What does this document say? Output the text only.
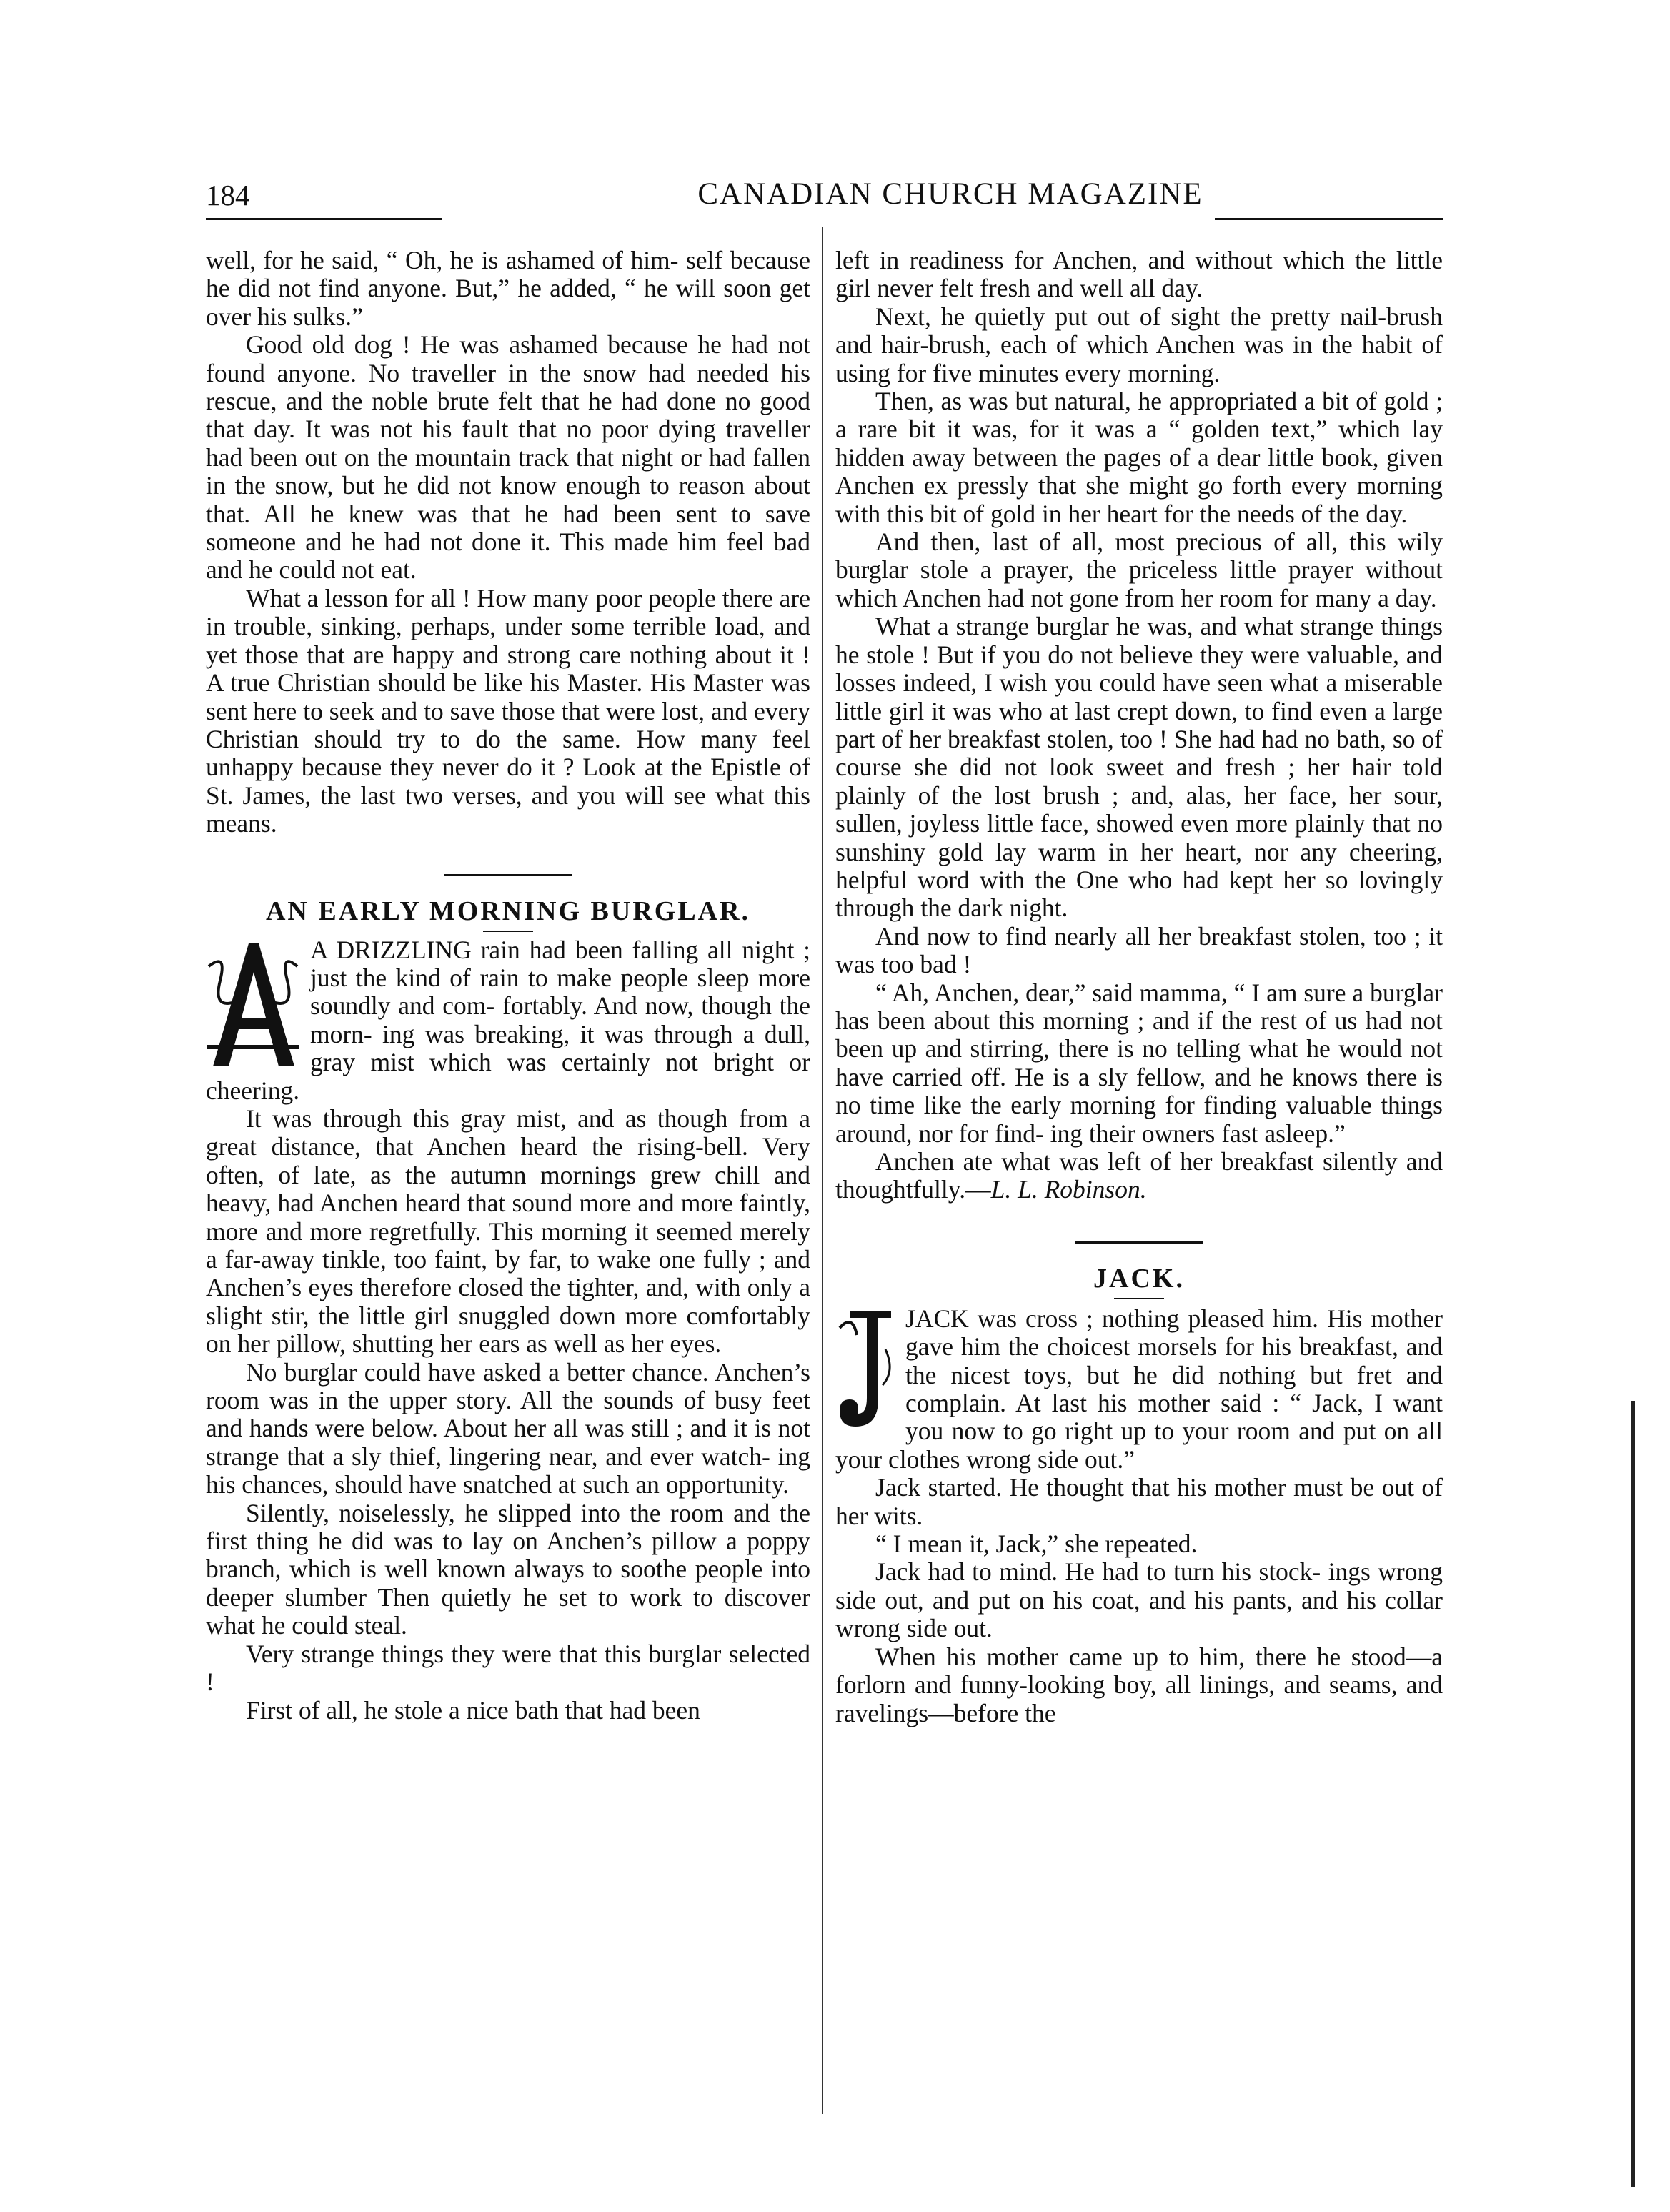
184	CANADIAN CHURCH MAGAZINE

well, for he said, “ Oh, he is ashamed of him- self because he did not find anyone. But,” he added, “ he will soon get over his sulks.”

Good old dog ! He was ashamed because he had not found anyone. No traveller in the snow had needed his rescue, and the noble brute felt that he had done no good that day. It was not his fault that no poor dying traveller had been out on the mountain track that night or had fallen in the snow, but he did not know enough to reason about that. All he knew was that he had been sent to save someone and he had not done it. This made him feel bad and he could not eat.

What a lesson for all ! How many poor people there are in trouble, sinking, perhaps, under some terrible load, and yet those that are happy and strong care nothing about it ! A true Christian should be like his Master. His Master was sent here to seek and to save those that were lost, and every Christian should try to do the same. How many feel unhappy because they never do it ? Look at the Epistle of St. James, the last two verses, and you will see what this means.

AN EARLY MORNING BURGLAR.

A DRIZZLING rain had been falling all night ; just the kind of rain to make people sleep more soundly and com- fortably. And now, though the morn- ing was breaking, it was through a dull, gray mist which was certainly not bright or cheering.

It was through this gray mist, and as though from a great distance, that Anchen heard the rising-bell. Very often, of late, as the autumn mornings grew chill and heavy, had Anchen heard that sound more and more faintly, more and more regretfully. This morning it seemed merely a far-away tinkle, too faint, by far, to wake one fully ; and Anchen’s eyes therefore closed the tighter, and, with only a slight stir, the little girl snuggled down more comfortably on her pillow, shutting her ears as well as her eyes.

No burglar could have asked a better chance. Anchen’s room was in the upper story. All the sounds of busy feet and hands were below. About her all was still ; and it is not strange that a sly thief, lingering near, and ever watch- ing his chances, should have snatched at such an opportunity.

Silently, noiselessly, he slipped into the room and the first thing he did was to lay on Anchen’s pillow a poppy branch, which is well known always to soothe people into deeper slumber Then quietly he set to work to discover what he could steal.

Very strange things they were that this burglar selected !

First of all, he stole a nice bath that had been

left in readiness for Anchen, and without which the little girl never felt fresh and well all day.

Next, he quietly put out of sight the pretty nail-brush and hair-brush, each of which Anchen was in the habit of using for five minutes every morning.

Then, as was but natural, he appropriated a bit of gold ; a rare bit it was, for it was a “ golden text,” which lay hidden away between the pages of a dear little book, given Anchen ex pressly that she might go forth every morning with this bit of gold in her heart for the needs of the day.

And then, last of all, most precious of all, this wily burglar stole a prayer, the priceless little prayer without which Anchen had not gone from her room for many a day.

What a strange burglar he was, and what strange things he stole ! But if you do not believe they were valuable, and losses indeed, I wish you could have seen what a miserable little girl it was who at last crept down, to find even a large part of her breakfast stolen, too ! She had had no bath, so of course she did not look sweet and fresh ; her hair told plainly of the lost brush ; and, alas, her face, her sour, sullen, joyless little face, showed even more plainly that no sunshiny gold lay warm in her heart, nor any cheering, helpful word with the One who had kept her so lovingly through the dark night.

And now to find nearly all her breakfast stolen, too ; it was too bad !

“ Ah, Anchen, dear,” said mamma, “ I am sure a burglar has been about this morning ; and if the rest of us had not been up and stirring, there is no telling what he would not have carried off. He is a sly fellow, and he knows there is no time like the early morning for finding valuable things around, nor for find- ing their owners fast asleep.”

Anchen ate what was left of her breakfast silently and thoughtfully.—L. L. Robinson.

JACK.

JACK was cross ; nothing pleased him. His mother gave him the choicest morsels for his breakfast, and the nicest toys, but he did nothing but fret and complain. At last his mother said : “ Jack, I want you now to go right up to your room and put on all your clothes wrong side out.”

Jack started. He thought that his mother must be out of her wits.

“ I mean it, Jack,” she repeated.

Jack had to mind. He had to turn his stock- ings wrong side out, and put on his coat, and his pants, and his collar wrong side out.

When his mother came up to him, there he stood—a forlorn and funny-looking boy, all linings, and seams, and ravelings—before the
